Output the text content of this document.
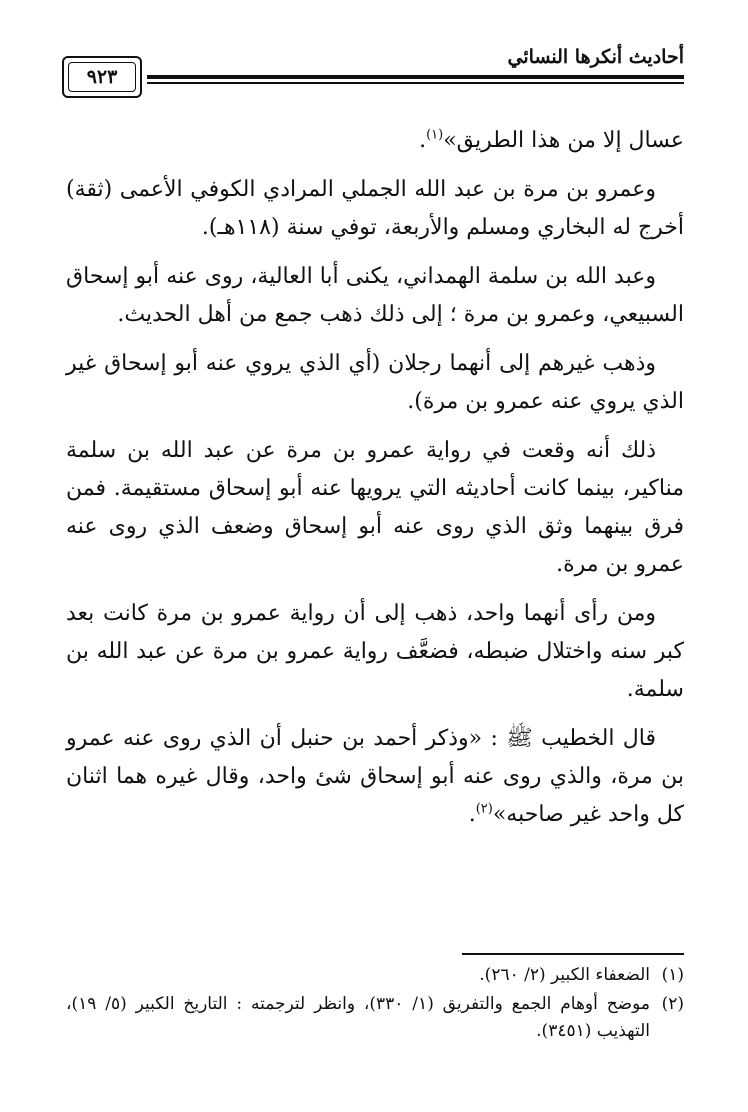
أحاديث أنكرها النسائي
٩٢٣

عسال إلا من هذا الطريق»$^{(١)}$.

وعمرو بن مرة بن عبد الله الجملي المرادي الكوفي الأعمى (ثقة) أخرج له البخاري ومسلم والأربعة، توفي سنة (١١٨هـ).

وعبد الله بن سلمة الهمداني، يكنى أبا العالية، روى عنه أبو إسحاق السبيعي، وعمرو بن مرة ؛ إلى ذلك ذهب جمع من أهل الحديث.

وذهب غيرهم إلى أنهما رجلان (أي الذي يروي عنه أبو إسحاق غير الذي يروي عنه عمرو بن مرة).

ذلك أنه وقعت في رواية عمرو بن مرة عن عبد الله بن سلمة مناكير، بينما كانت أحاديثه التي يرويها عنه أبو إسحاق مستقيمة. فمن فرق بينهما وثق الذي روى عنه أبو إسحاق وضعف الذي روى عنه عمرو بن مرة.

ومن رأى أنهما واحد، ذهب إلى أن رواية عمرو بن مرة كانت بعد كبر سنه واختلال ضبطه، فضعَّف رواية عمرو بن مرة عن عبد الله بن سلمة.

قال الخطيب ﷺ : «وذكر أحمد بن حنبل أن الذي روى عنه عمرو بن مرة، والذي روى عنه أبو إسحاق شئ واحد، وقال غيره هما اثنان كل واحد غير صاحبه»$^{(٢)}$.

(١)
الضعفاء الكبير (٢/ ٢٦٠).
(٢)
موضح أوهام الجمع والتفريق (١/ ٣٣٠)، وانظر لترجمته : التاريخ الكبير (٥/ ١٩)، التهذيب (٣٤٥١).
